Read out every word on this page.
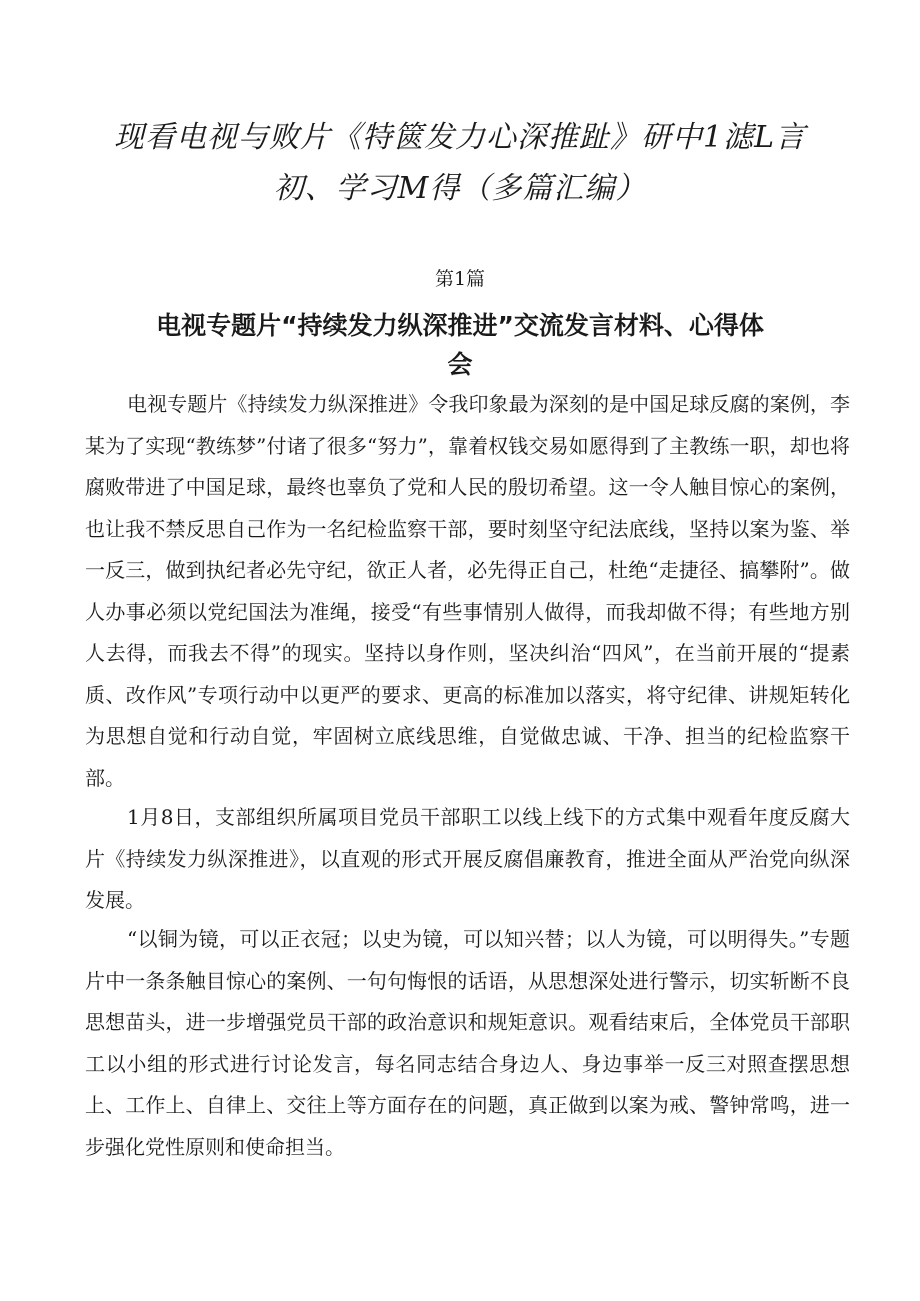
现看电视与败片《特篋发力心深推趾》研中1滤L言
初、学习M得（多篇汇编）
第1篇
电视专题片“持续发力纵深推进”交流发言材料、心得体
会

电视专题片《持续发力纵深推进》令我印象最为深刻的是中国足球反腐的案例，李某为了实现“教练梦”付诸了很多“努力”，靠着权钱交易如愿得到了主教练一职，却也将腐败带进了中国足球，最终也辜负了党和人民的殷切希望。这一令人触目惊心的案例，也让我不禁反思自己作为一名纪检监察干部，要时刻坚守纪法底线，坚持以案为鉴、举一反三，做到执纪者必先守纪，欲正人者，必先得正自己，杜绝“走捷径、搞攀附”。做人办事必须以党纪国法为准绳，接受“有些事情别人做得，而我却做不得；有些地方别人去得，而我去不得”的现实。坚持以身作则，坚决纠治“四风”，在当前开展的“提素质、改作风”专项行动中以更严的要求、更高的标准加以落实，将守纪律、讲规矩转化为思想自觉和行动自觉，牢固树立底线思维，自觉做忠诚、干净、担当的纪检监察干部。

1月8日，支部组织所属项目党员干部职工以线上线下的方式集中观看年度反腐大片《持续发力纵深推进》，以直观的形式开展反腐倡廉教育，推进全面从严治党向纵深发展。

“以铜为镜，可以正衣冠；以史为镜，可以知兴替；以人为镜，可以明得失。”专题片中一条条触目惊心的案例、一句句悔恨的话语，从思想深处进行警示，切实斩断不良思想苗头，进一步增强党员干部的政治意识和规矩意识。观看结束后，全体党员干部职工以小组的形式进行讨论发言，每名同志结合身边人、身边事举一反三对照查摆思想上、工作上、自律上、交往上等方面存在的问题，真正做到以案为戒、警钟常鸣，进一步强化党性原则和使命担当。
